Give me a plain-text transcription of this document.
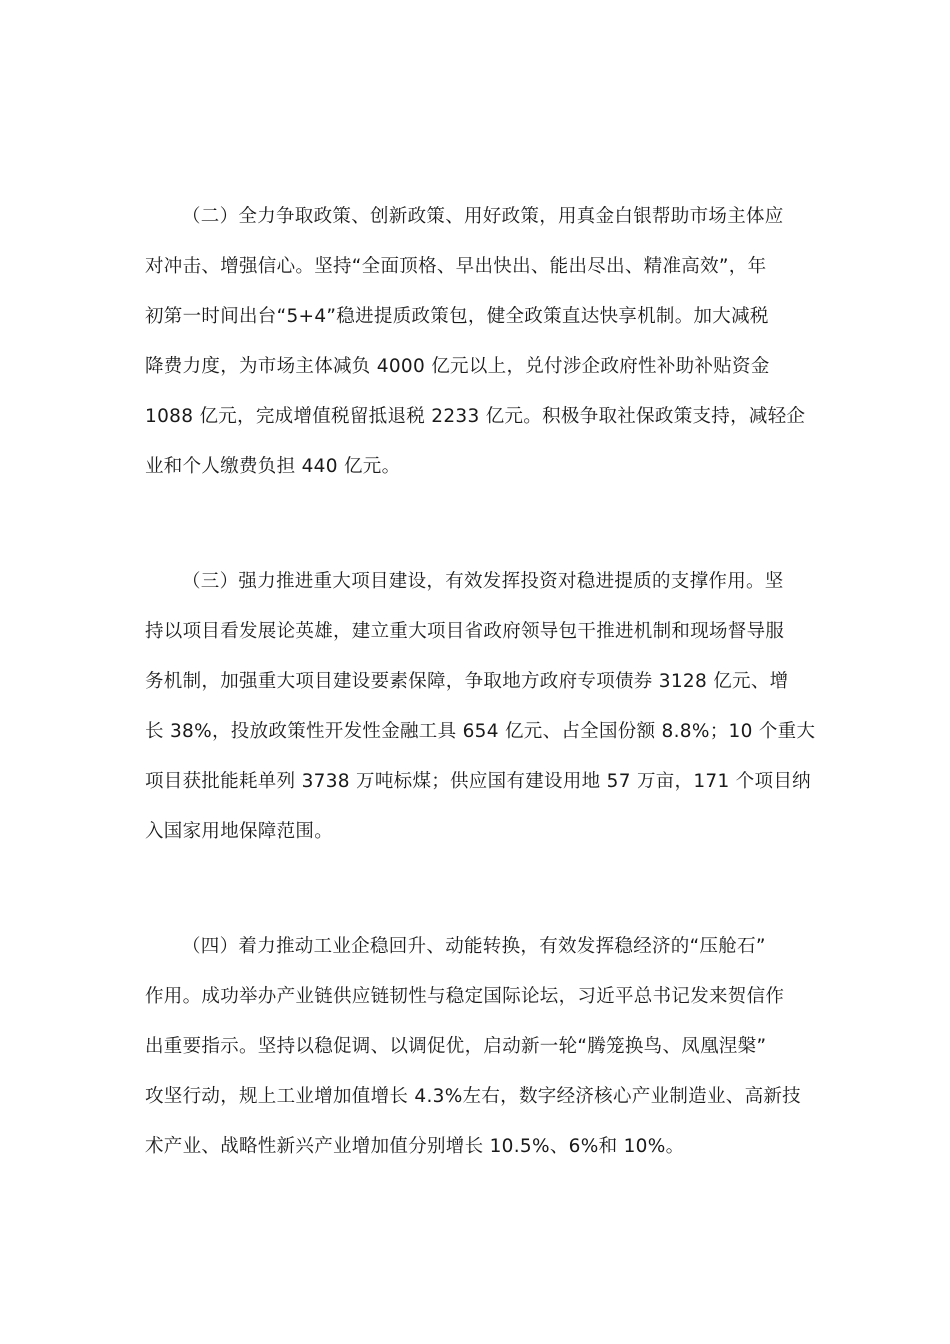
（二）全力争取政策、创新政策、用好政策，用真金白银帮助市场主体应

对冲击、增强信心。坚持“全面顶格、早出快出、能出尽出、精准高效”，年

初第一时间出台“5+4”稳进提质政策包，健全政策直达快享机制。加大减税

降费力度，为市场主体减负 4000 亿元以上，兑付涉企政府性补助补贴资金

1088 亿元，完成增值税留抵退税 2233 亿元。积极争取社保政策支持，减轻企

业和个人缴费负担 440 亿元。

（三）强力推进重大项目建设，有效发挥投资对稳进提质的支撑作用。坚

持以项目看发展论英雄，建立重大项目省政府领导包干推进机制和现场督导服

务机制，加强重大项目建设要素保障，争取地方政府专项债券 3128 亿元、增

长 38%，投放政策性开发性金融工具 654 亿元、占全国份额 8.8%；10 个重大

项目获批能耗单列 3738 万吨标煤；供应国有建设用地 57 万亩，171 个项目纳

入国家用地保障范围。

（四）着力推动工业企稳回升、动能转换，有效发挥稳经济的“压舱石”

作用。成功举办产业链供应链韧性与稳定国际论坛，习近平总书记发来贺信作

出重要指示。坚持以稳促调、以调促优，启动新一轮“腾笼换鸟、凤凰涅槃”

攻坚行动，规上工业增加值增长 4.3%左右，数字经济核心产业制造业、高新技

术产业、战略性新兴产业增加值分别增长 10.5%、6%和 10%。
